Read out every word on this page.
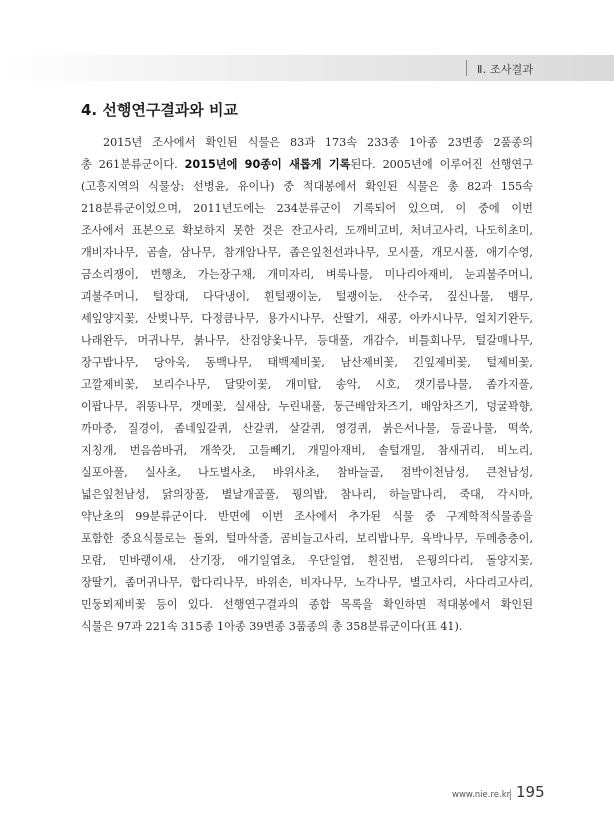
Ⅱ. 조사결과
4. 선행연구결과와 비교
2015년 조사에서 확인된 식물은 83과 173속 233종 1아종 23변종 2품종의
총 261분류군이다. 2015년에 90종이 새롭게 기록된다. 2005년에 이루어진 선행연구
(고흥지역의 식물상: 선병윤, 유이나) 중 적대봉에서 확인된 식물은 총 82과 155속
218분류군이었으며, 2011년도에는 234분류군이 기록되어 있으며, 이 중에 이번
조사에서 표본으로 확보하지 못한 것은 잔고사리, 도깨비고비, 처녀고사리, 나도히초미,
개비자나무, 곰솔, 삼나무, 참개암나무, 좁은잎천선과나무, 모시풀, 개모시풀, 애기수영,
금소리쟁이, 번행초, 가는장구채, 개미자리, 벼룩나물, 미나리아재비, 눈괴불주머니,
괴불주머니, 털장대, 다닥냉이, 흰털괭이눈, 털괭이눈, 산수국, 짚신나물, 뱀무,
세잎양지꽃, 산벚나무, 다정큼나무, 용가시나무, 산딸기, 새콩, 아카시나무, 얼치기완두,
나래완두, 머귀나무, 붉나무, 산검양옻나무, 등대풀, 개감수, 비틀회나무, 털갈매나무,
장구밥나무, 당아욱, 동백나무, 태백제비꽃, 남산제비꽃, 긴잎제비꽃, 털제비꽃,
고깔제비꽃, 보리수나무, 달맞이꽃, 개미탑, 송악, 시호, 갯기름나물, 좀가지풀,
이팝나무, 쥐똥나무, 갯메꽃, 실새삼, 누린내풀, 둥근배암차즈기, 배암차즈기, 덩굴꽉향,
까마중, 질경이, 좀네잎갈퀴, 산갈퀴, 살갈퀴, 영경퀴, 붉은서나물, 등골나물, 떡쑥,
지칭개, 번음씀바귀, 개쑥갓, 고들빼기, 개밀아재비, 솔털개밀, 참새귀리, 비노리,
실포아풀, 실사초, 나도별사초, 바위사초, 참바늘골, 점박이천남성, 큰천남성,
넓은잎천남성, 닭의장풀, 별날개골풀, 꿩의밥, 참나리, 하늘말나리, 죽대, 각시마,
약난초의 99분류군이다. 반면에 이번 조사에서 추가된 식물 중 구계학적식물종을
포함한 중요식물로는 돌외, 털마삭줄, 곰비늘고사리, 보리밥나무, 육박나무, 두메층층이,
모람, 민바랭이새, 산기장, 애기일엽초, 우단일엽, 흰진범, 은꿩의다리, 돌양지꽃,
장딸기, 좀머귀나무, 합다리나무, 바위손, 비자나무, 노각나무, 별고사리, 사다리고사리,
민둥뫼제비꽃 등이 있다. 선행연구결과의 종합 목록을 확인하면 적대봉에서 확인된
식물은 97과 221속 315종 1아종 39변종 3품종의 총 358분류군이다(표 41).
www.nie.re.kr 195
